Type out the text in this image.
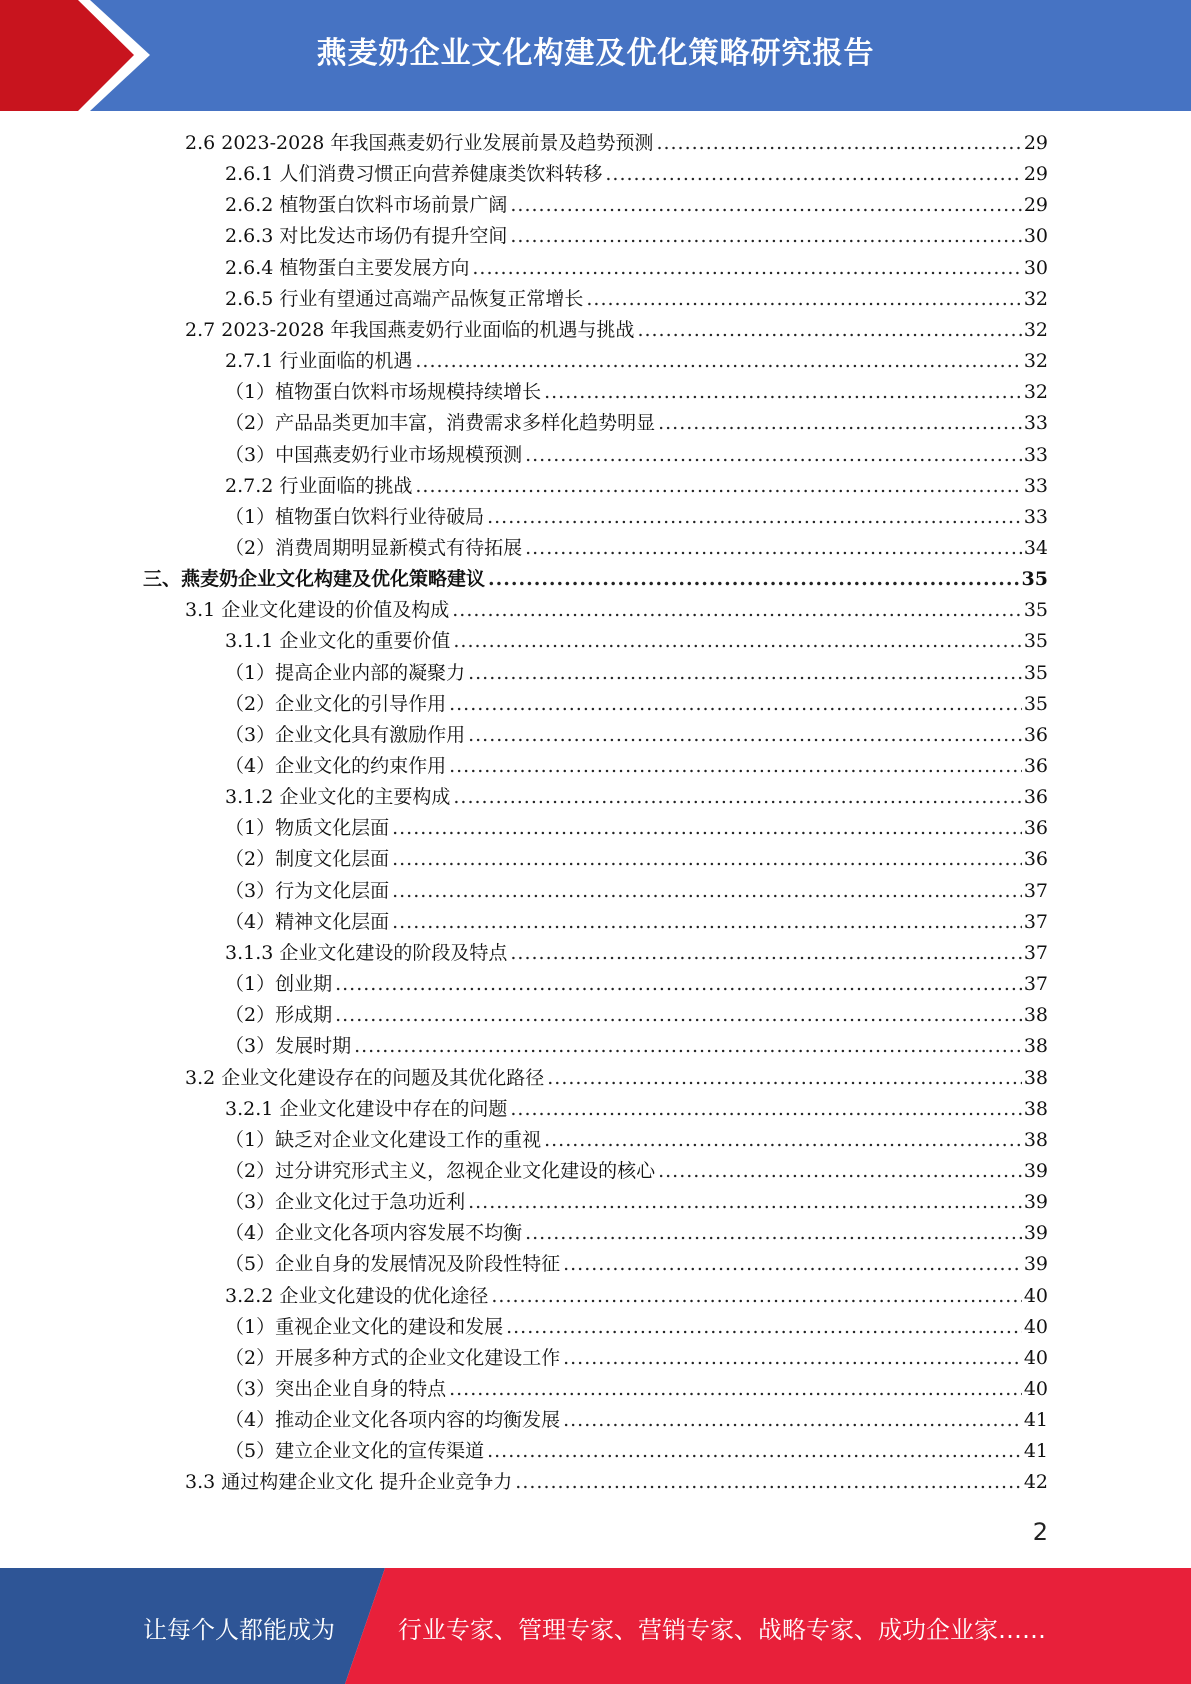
燕麦奶企业文化构建及优化策略研究报告
2.6 2023-2028 年我国燕麦奶行业发展前景及趋势预测 .....	29
2.6.1 人们消费习惯正向营养健康类饮料转移 .....	29
2.6.2 植物蛋白饮料市场前景广阔 .....	29
2.6.3 对比发达市场仍有提升空间 .....	30
2.6.4 植物蛋白主要发展方向 .....	30
2.6.5 行业有望通过高端产品恢复正常增长 .....	32
2.7 2023-2028 年我国燕麦奶行业面临的机遇与挑战 .....	32
2.7.1 行业面临的机遇 .....	32
（1）植物蛋白饮料市场规模持续增长 .....	32
（2）产品品类更加丰富，消费需求多样化趋势明显 .....	33
（3）中国燕麦奶行业市场规模预测 .....	33
2.7.2 行业面临的挑战 .....	33
（1）植物蛋白饮料行业待破局 .....	33
（2）消费周期明显新模式有待拓展 .....	34
三、燕麦奶企业文化构建及优化策略建议 .....	35
3.1 企业文化建设的价值及构成 .....	35
3.1.1 企业文化的重要价值 .....	35
（1）提高企业内部的凝聚力 .....	35
（2）企业文化的引导作用 .....	35
（3）企业文化具有激励作用 .....	36
（4）企业文化的约束作用 .....	36
3.1.2 企业文化的主要构成 .....	36
（1）物质文化层面 .....	36
（2）制度文化层面 .....	36
（3）行为文化层面 .....	37
（4）精神文化层面 .....	37
3.1.3 企业文化建设的阶段及特点 .....	37
（1）创业期 .....	37
（2）形成期 .....	38
（3）发展时期 .....	38
3.2 企业文化建设存在的问题及其优化路径 .....	38
3.2.1 企业文化建设中存在的问题 .....	38
（1）缺乏对企业文化建设工作的重视 .....	38
（2）过分讲究形式主义，忽视企业文化建设的核心 .....	39
（3）企业文化过于急功近利 .....	39
（4）企业文化各项内容发展不均衡 .....	39
（5）企业自身的发展情况及阶段性特征 .....	39
3.2.2 企业文化建设的优化途径 .....	40
（1）重视企业文化的建设和发展 .....	40
（2）开展多种方式的企业文化建设工作 .....	40
（3）突出企业自身的特点 .....	40
（4）推动企业文化各项内容的均衡发展 .....	41
（5）建立企业文化的宣传渠道 .....	41
3.3 通过构建企业文化 提升企业竞争力 .....	42
2
让每个人都能成为	行业专家、管理专家、营销专家、战略专家、成功企业家……
